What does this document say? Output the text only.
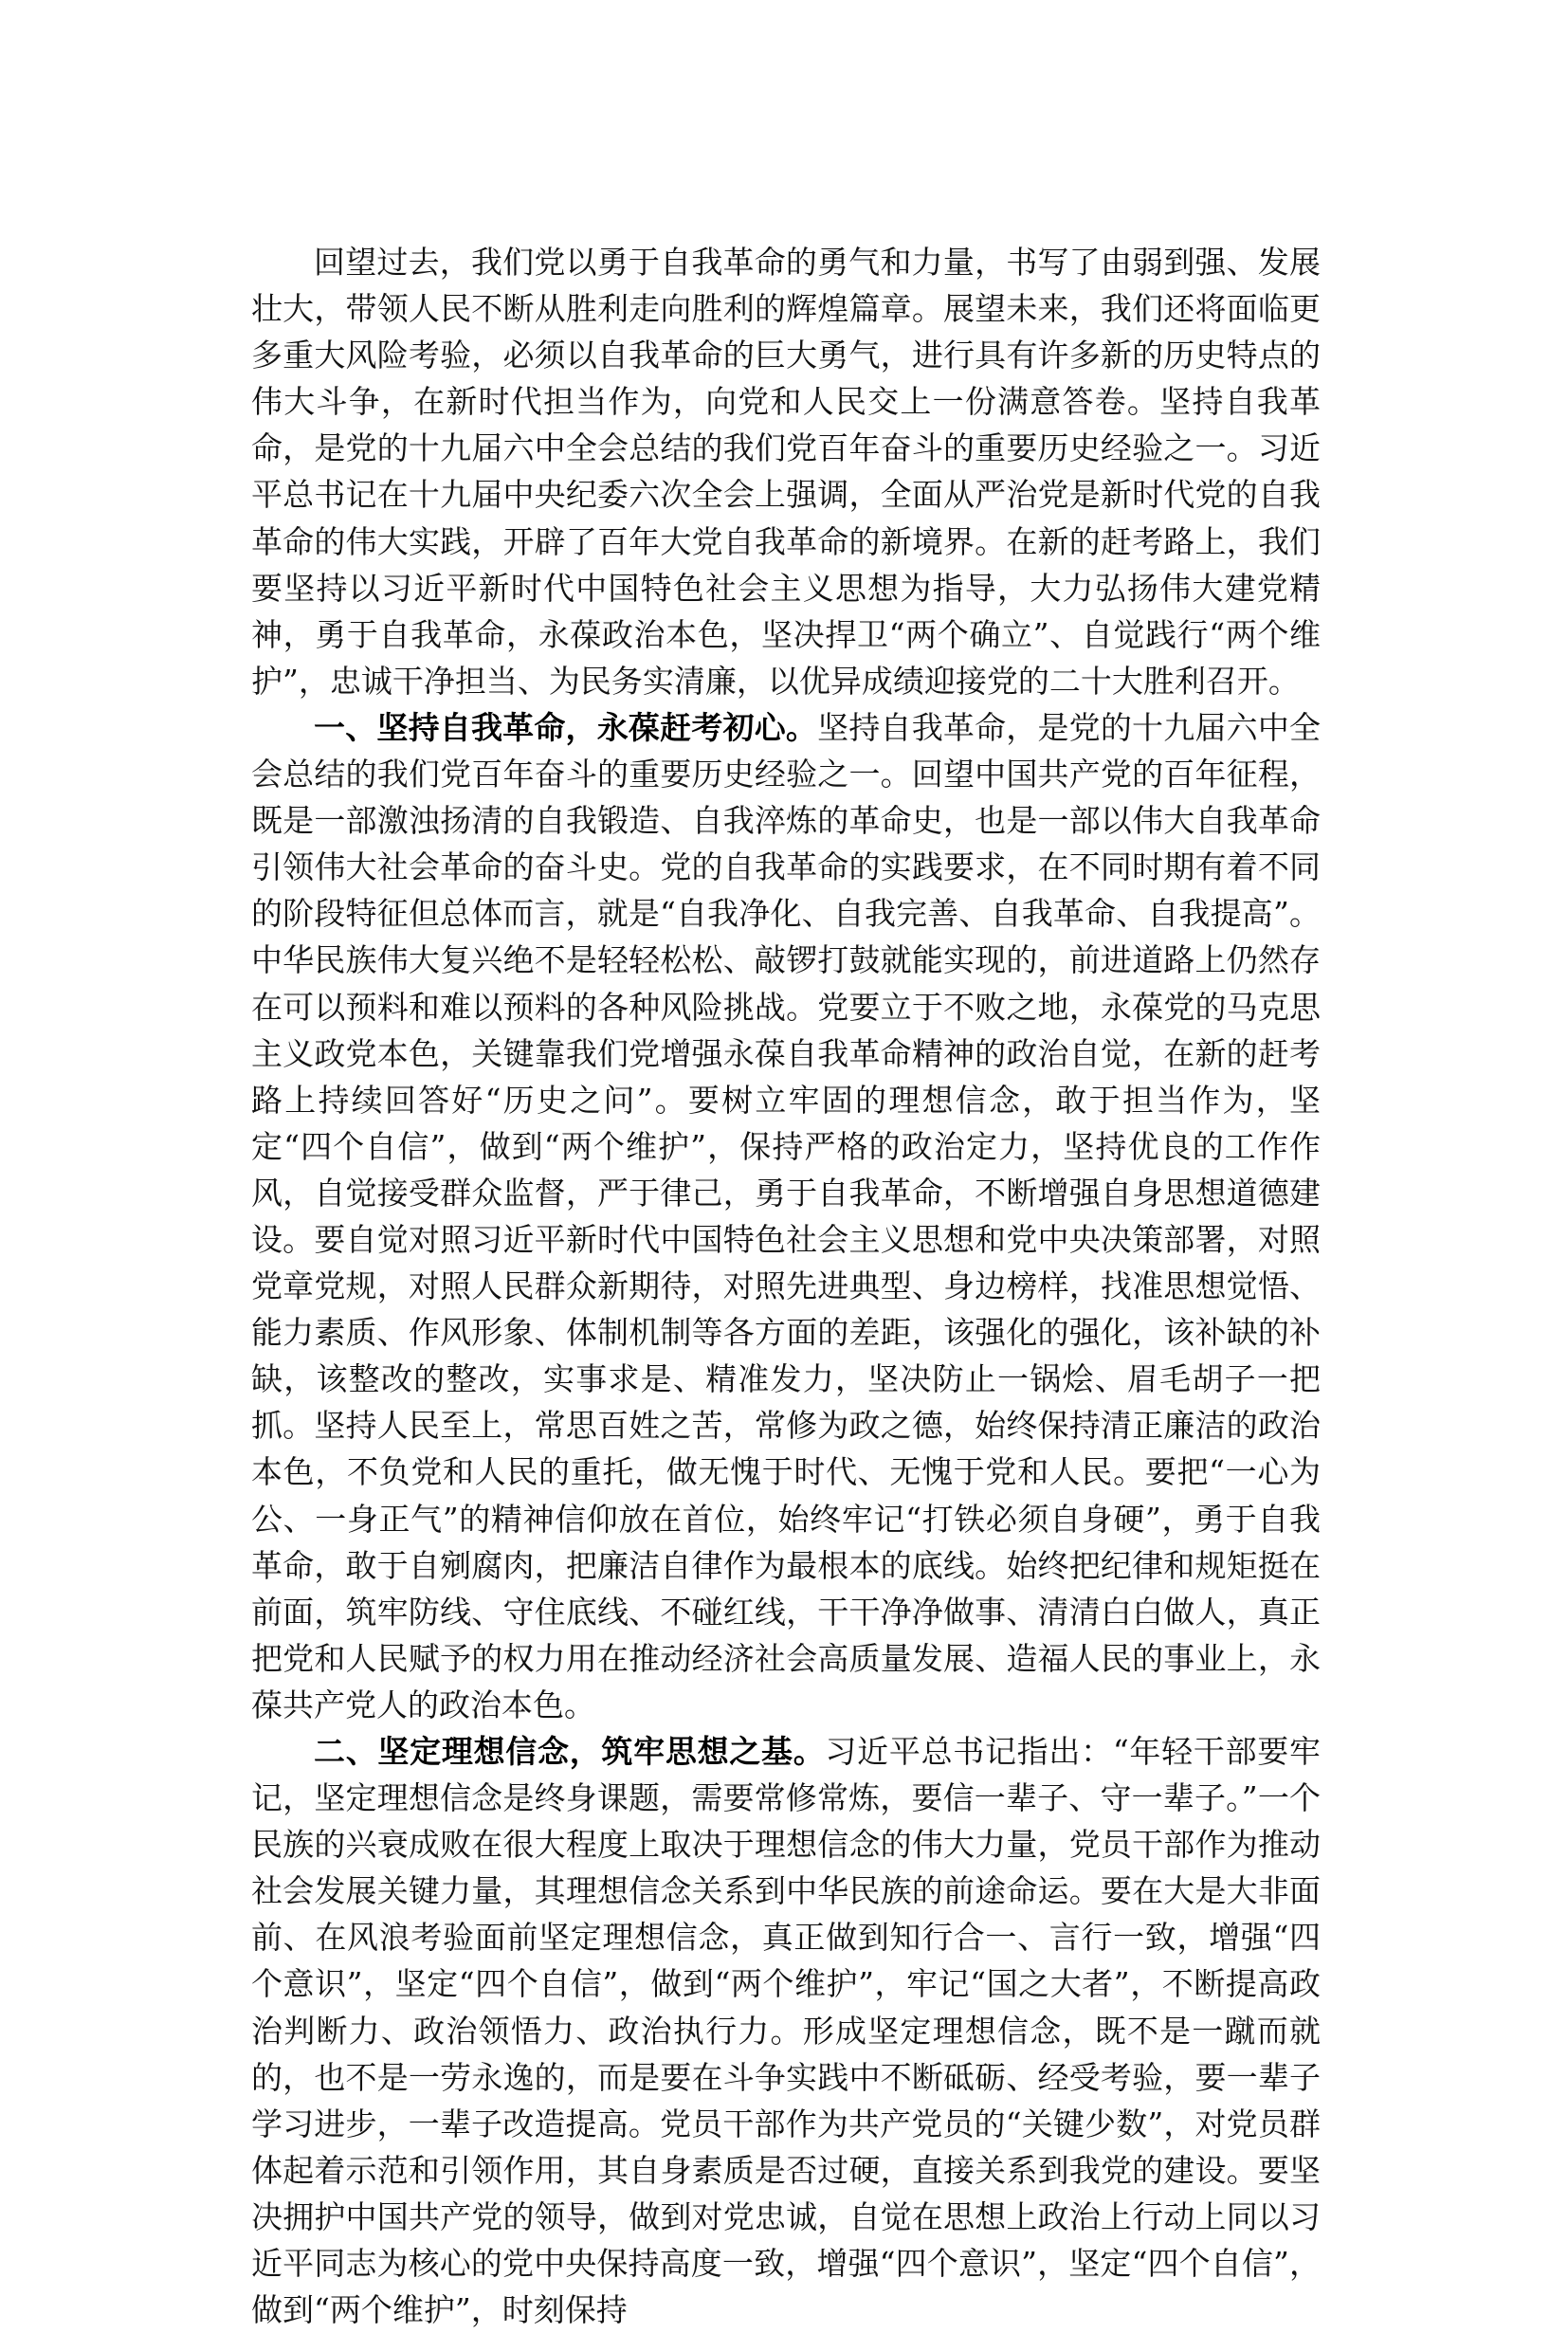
回望过去，我们党以勇于自我革命的勇气和力量，书写了由弱到强、发展壮大，带领人民不断从胜利走向胜利的辉煌篇章。展望未来，我们还将面临更多重大风险考验，必须以自我革命的巨大勇气，进行具有许多新的历史特点的伟大斗争，在新时代担当作为，向党和人民交上一份满意答卷。坚持自我革命，是党的十九届六中全会总结的我们党百年奋斗的重要历史经验之一。习近平总书记在十九届中央纪委六次全会上强调，全面从严治党是新时代党的自我革命的伟大实践，开辟了百年大党自我革命的新境界。在新的赶考路上，我们要坚持以习近平新时代中国特色社会主义思想为指导，大力弘扬伟大建党精神，勇于自我革命，永葆政治本色，坚决捍卫“两个确立”、自觉践行“两个维护”，忠诚干净担当、为民务实清廉，以优异成绩迎接党的二十大胜利召开。

一、坚持自我革命，永葆赶考初心。坚持自我革命，是党的十九届六中全会总结的我们党百年奋斗的重要历史经验之一。回望中国共产党的百年征程，既是一部激浊扬清的自我锻造、自我淬炼的革命史，也是一部以伟大自我革命引领伟大社会革命的奋斗史。党的自我革命的实践要求，在不同时期有着不同的阶段特征但总体而言，就是“自我净化、自我完善、自我革命、自我提高”。中华民族伟大复兴绝不是轻轻松松、敲锣打鼓就能实现的，前进道路上仍然存在可以预料和难以预料的各种风险挑战。党要立于不败之地，永葆党的马克思主义政党本色，关键靠我们党增强永葆自我革命精神的政治自觉，在新的赶考路上持续回答好“历史之问”。要树立牢固的理想信念，敢于担当作为，坚定“四个自信”，做到“两个维护”，保持严格的政治定力，坚持优良的工作作风，自觉接受群众监督，严于律己，勇于自我革命，不断增强自身思想道德建设。要自觉对照习近平新时代中国特色社会主义思想和党中央决策部署，对照党章党规，对照人民群众新期待，对照先进典型、身边榜样，找准思想觉悟、能力素质、作风形象、体制机制等各方面的差距，该强化的强化，该补缺的补缺，该整改的整改，实事求是、精准发力，坚决防止一锅烩、眉毛胡子一把抓。坚持人民至上，常思百姓之苦，常修为政之德，始终保持清正廉洁的政治本色，不负党和人民的重托，做无愧于时代、无愧于党和人民。要把“一心为公、一身正气”的精神信仰放在首位，始终牢记“打铁必须自身硬”，勇于自我革命，敢于自剜腐肉，把廉洁自律作为最根本的底线。始终把纪律和规矩挺在前面，筑牢防线、守住底线、不碰红线，干干净净做事、清清白白做人，真正把党和人民赋予的权力用在推动经济社会高质量发展、造福人民的事业上，永葆共产党人的政治本色。

二、坚定理想信念，筑牢思想之基。习近平总书记指出：“年轻干部要牢记，坚定理想信念是终身课题，需要常修常炼，要信一辈子、守一辈子。”一个民族的兴衰成败在很大程度上取决于理想信念的伟大力量，党员干部作为推动社会发展关键力量，其理想信念关系到中华民族的前途命运。要在大是大非面前、在风浪考验面前坚定理想信念，真正做到知行合一、言行一致，增强“四个意识”，坚定“四个自信”，做到“两个维护”，牢记“国之大者”，不断提高政治判断力、政治领悟力、政治执行力。形成坚定理想信念，既不是一蹴而就的，也不是一劳永逸的，而是要在斗争实践中不断砥砺、经受考验，要一辈子学习进步，一辈子改造提高。党员干部作为共产党员的“关键少数”，对党员群体起着示范和引领作用，其自身素质是否过硬，直接关系到我党的建设。要坚决拥护中国共产党的领导，做到对党忠诚，自觉在思想上政治上行动上同以习近平同志为核心的党中央保持高度一致，增强“四个意识”，坚定“四个自信”，做到“两个维护”，时刻保持
